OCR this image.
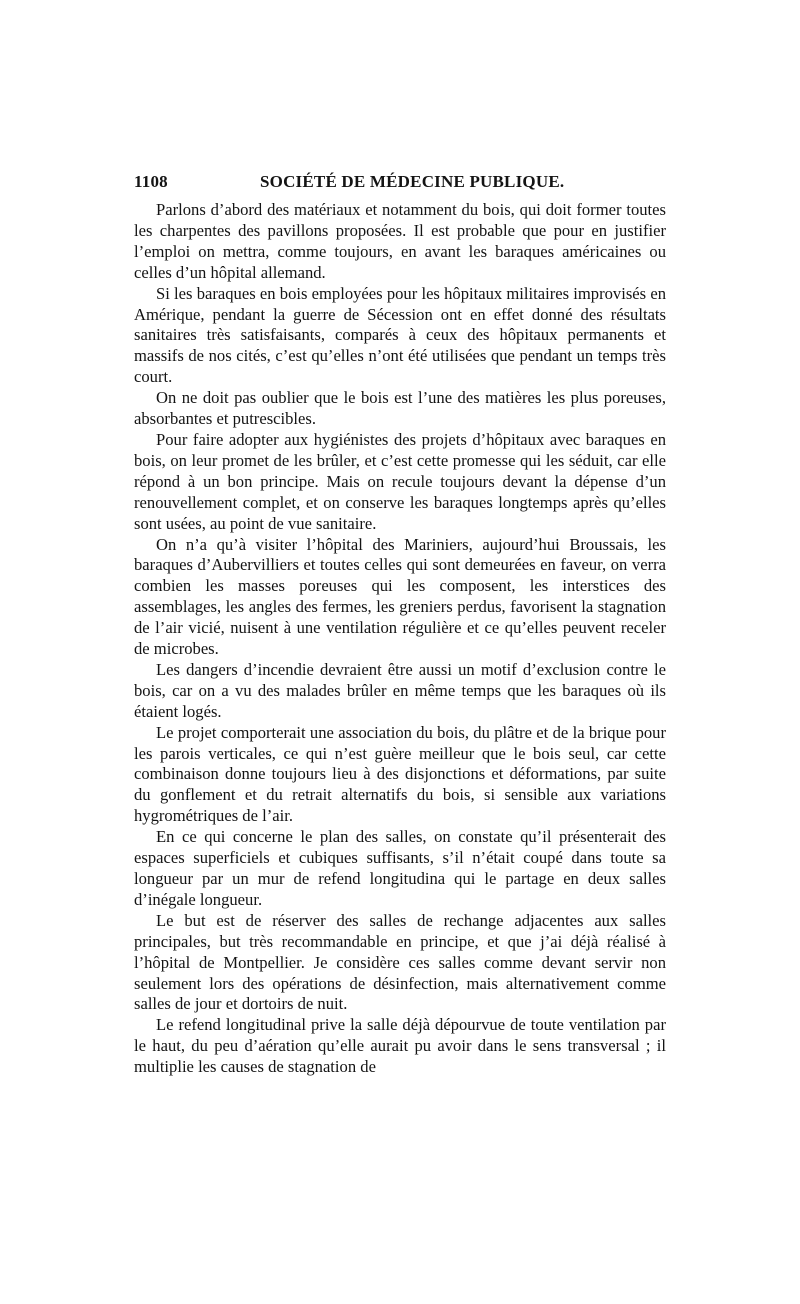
1108	SOCIÉTÉ DE MÉDECINE PUBLIQUE.

Parlons d’abord des matériaux et notamment du bois, qui doit former toutes les charpentes des pavillons proposées. Il est probable que pour en justifier l’emploi on mettra, comme toujours, en avant les baraques américaines ou celles d’un hôpital allemand.

Si les baraques en bois employées pour les hôpitaux militaires improvisés en Amérique, pendant la guerre de Sécession ont en effet donné des résultats sanitaires très satisfaisants, comparés à ceux des hôpitaux permanents et massifs de nos cités, c’est qu’elles n’ont été utilisées que pendant un temps très court.

On ne doit pas oublier que le bois est l’une des matières les plus poreuses, absorbantes et putrescibles.

Pour faire adopter aux hygiénistes des projets d’hôpitaux avec baraques en bois, on leur promet de les brûler, et c’est cette promesse qui les séduit, car elle répond à un bon principe. Mais on recule toujours devant la dépense d’un renouvellement complet, et on conserve les baraques longtemps après qu’elles sont usées, au point de vue sanitaire.

On n’a qu’à visiter l’hôpital des Mariniers, aujourd’hui Broussais, les baraques d’Aubervilliers et toutes celles qui sont demeurées en faveur, on verra combien les masses poreuses qui les composent, les interstices des assemblages, les angles des fermes, les greniers perdus, favorisent la stagnation de l’air vicié, nuisent à une ventilation régulière et ce qu’elles peuvent receler de microbes.

Les dangers d’incendie devraient être aussi un motif d’exclusion contre le bois, car on a vu des malades brûler en même temps que les baraques où ils étaient logés.

Le projet comporterait une association du bois, du plâtre et de la brique pour les parois verticales, ce qui n’est guère meilleur que le bois seul, car cette combinaison donne toujours lieu à des disjonctions et déformations, par suite du gonflement et du retrait alternatifs du bois, si sensible aux variations hygrométriques de l’air.

En ce qui concerne le plan des salles, on constate qu’il présenterait des espaces superficiels et cubiques suffisants, s’il n’était coupé dans toute sa longueur par un mur de refend longitudina qui le partage en deux salles d’inégale longueur.

Le but est de réserver des salles de rechange adjacentes aux salles principales, but très recommandable en principe, et que j’ai déjà réalisé à l’hôpital de Montpellier. Je considère ces salles comme devant servir non seulement lors des opérations de désinfection, mais alternativement comme salles de jour et dortoirs de nuit.

Le refend longitudinal prive la salle déjà dépourvue de toute ventilation par le haut, du peu d’aération qu’elle aurait pu avoir dans le sens transversal ; il multiplie les causes de stagnation de
